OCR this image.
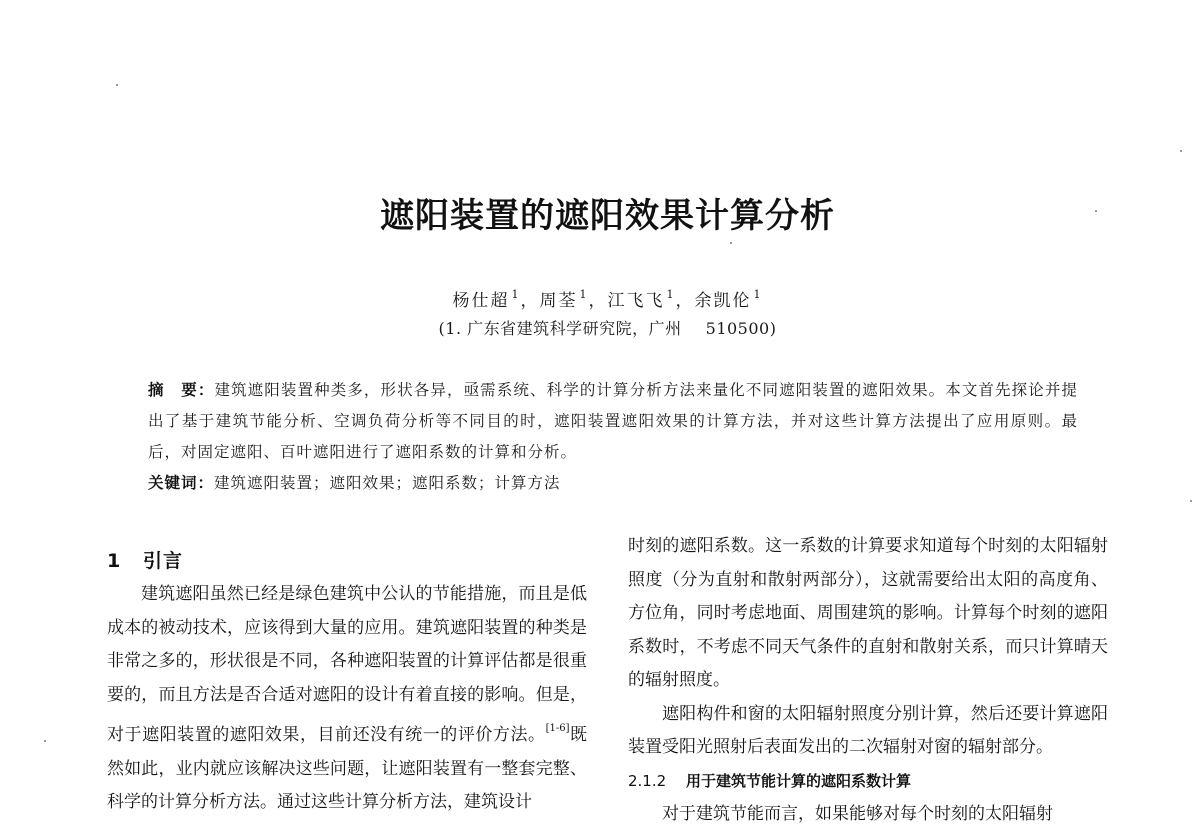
遮阳装置的遮阳效果计算分析
杨仕超 $^1$，周荃 $^1$，江飞飞 $^1$，余凯伦 $^1$
(1. 广东省建筑科学研究院，广州 510500)
摘　要：建筑遮阳装置种类多，形状各异，亟需系统、科学的计算分析方法来量化不同遮阳装置的遮阳效果。本文首先探论并提出了基于建筑节能分析、空调负荷分析等不同目的时，遮阳装置遮阳效果的计算方法，并对这些计算方法提出了应用原则。最后，对固定遮阳、百叶遮阳进行了遮阳系数的计算和分析。
关键词：建筑遮阳装置；遮阳效果；遮阳系数；计算方法
1 引言

建筑遮阳虽然已经是绿色建筑中公认的节能措施，而且是低成本的被动技术，应该得到大量的应用。建筑遮阳装置的种类是非常之多的，形状很是不同，各种遮阳装置的计算评估都是很重要的，而且方法是否合适对遮阳的设计有着直接的影响。但是，对于遮阳装置的遮阳效果，目前还没有统一的评价方法。[1-6]既然如此，业内就应该解决这些问题，让遮阳装置有一整套完整、科学的计算分析方法。通过这些计算分析方法，建筑设计

时刻的遮阳系数。这一系数的计算要求知道每个时刻的太阳辐射照度（分为直射和散射两部分），这就需要给出太阳的高度角、方位角，同时考虑地面、周围建筑的影响。计算每个时刻的遮阳系数时，不考虑不同天气条件的直射和散射关系，而只计算晴天的辐射照度。

遮阳构件和窗的太阳辐射照度分别计算，然后还要计算遮阳装置受阳光照射后表面发出的二次辐射对窗的辐射部分。

2.1.2 用于建筑节能计算的遮阳系数计算

对于建筑节能而言，如果能够对每个时刻的太阳辐射
